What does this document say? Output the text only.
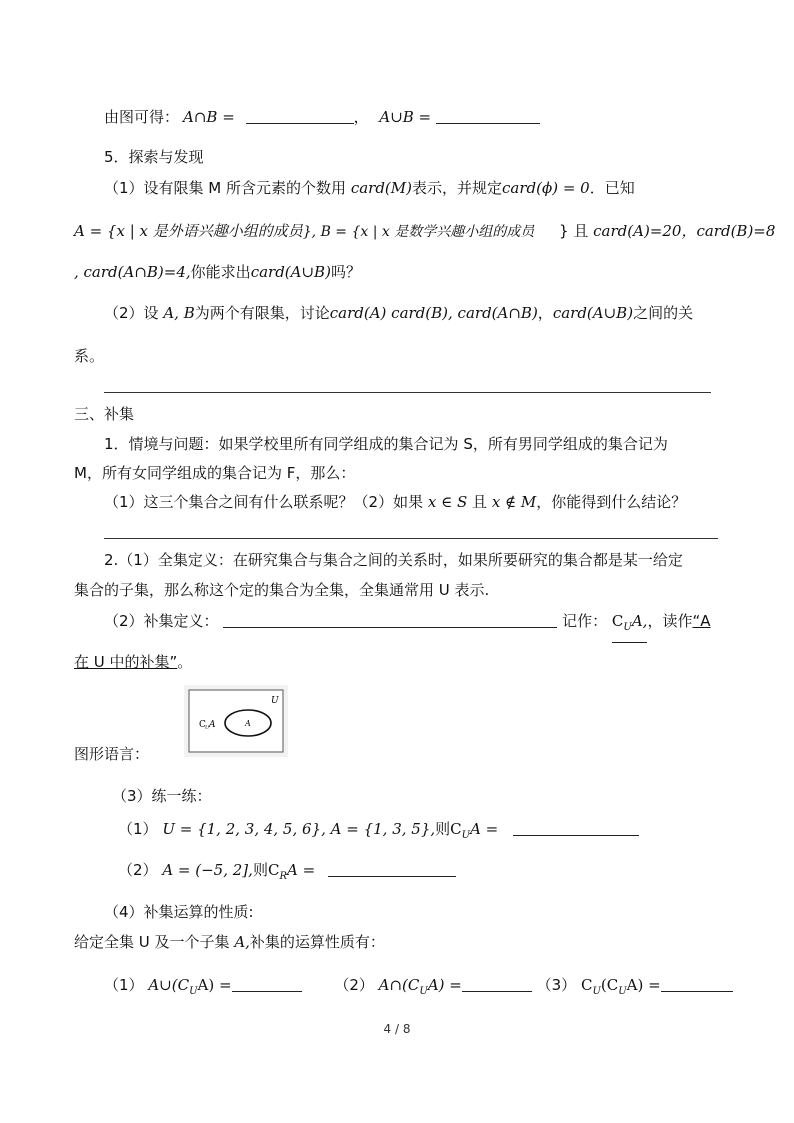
由图可得： A∩B =	， A∪B =
5．探索与发现
（1）设有限集 M 所含元素的个数用 card(M)表示，并规定card(ϕ) = 0．已知
A = {x | x 是外语兴趣小组的成员}, B = {x | x 是数学兴趣小组的成员 } 且 card(A)=20，card(B)=8
, card(A∩B)=4,你能求出card(A∪B)吗？
（2）设 A, B为两个有限集，讨论card(A) card(B), card(A∩B)，card(A∪B)之间的关
系。
三、补集
1．情境与问题：如果学校里所有同学组成的集合记为 S，所有男同学组成的集合记为
M，所有女同学组成的集合记为 F，那么：
（1）这三个集合之间有什么联系呢？（2）如果 x ∈ S 且 x ∉ M，你能得到什么结论？
2.（1）全集定义：在研究集合与集合之间的关系时，如果所要研究的集合都是某一给定
集合的子集，那么称这个定的集合为全集，全集通常用 U 表示.
（2）补集定义：	记作： $C_UA$,，读作“A
在 U 中的补集”。
U
C U A	A
图形语言：
（3）练一练：
（1） U = {1, 2, 3, 4, 5, 6}, A = {1, 3, 5},则$C_UA$ =
（2） A = (−5, 2],则$C_RA$ =
（4）补集运算的性质:
给定全集 U 及一个子集 A,补集的运算性质有：
（1） $A\cup(C_UA)$ =	（2） $A\cap(C_UA)$ =	（3） $C_U(C_UA)$ =
4 / 8
